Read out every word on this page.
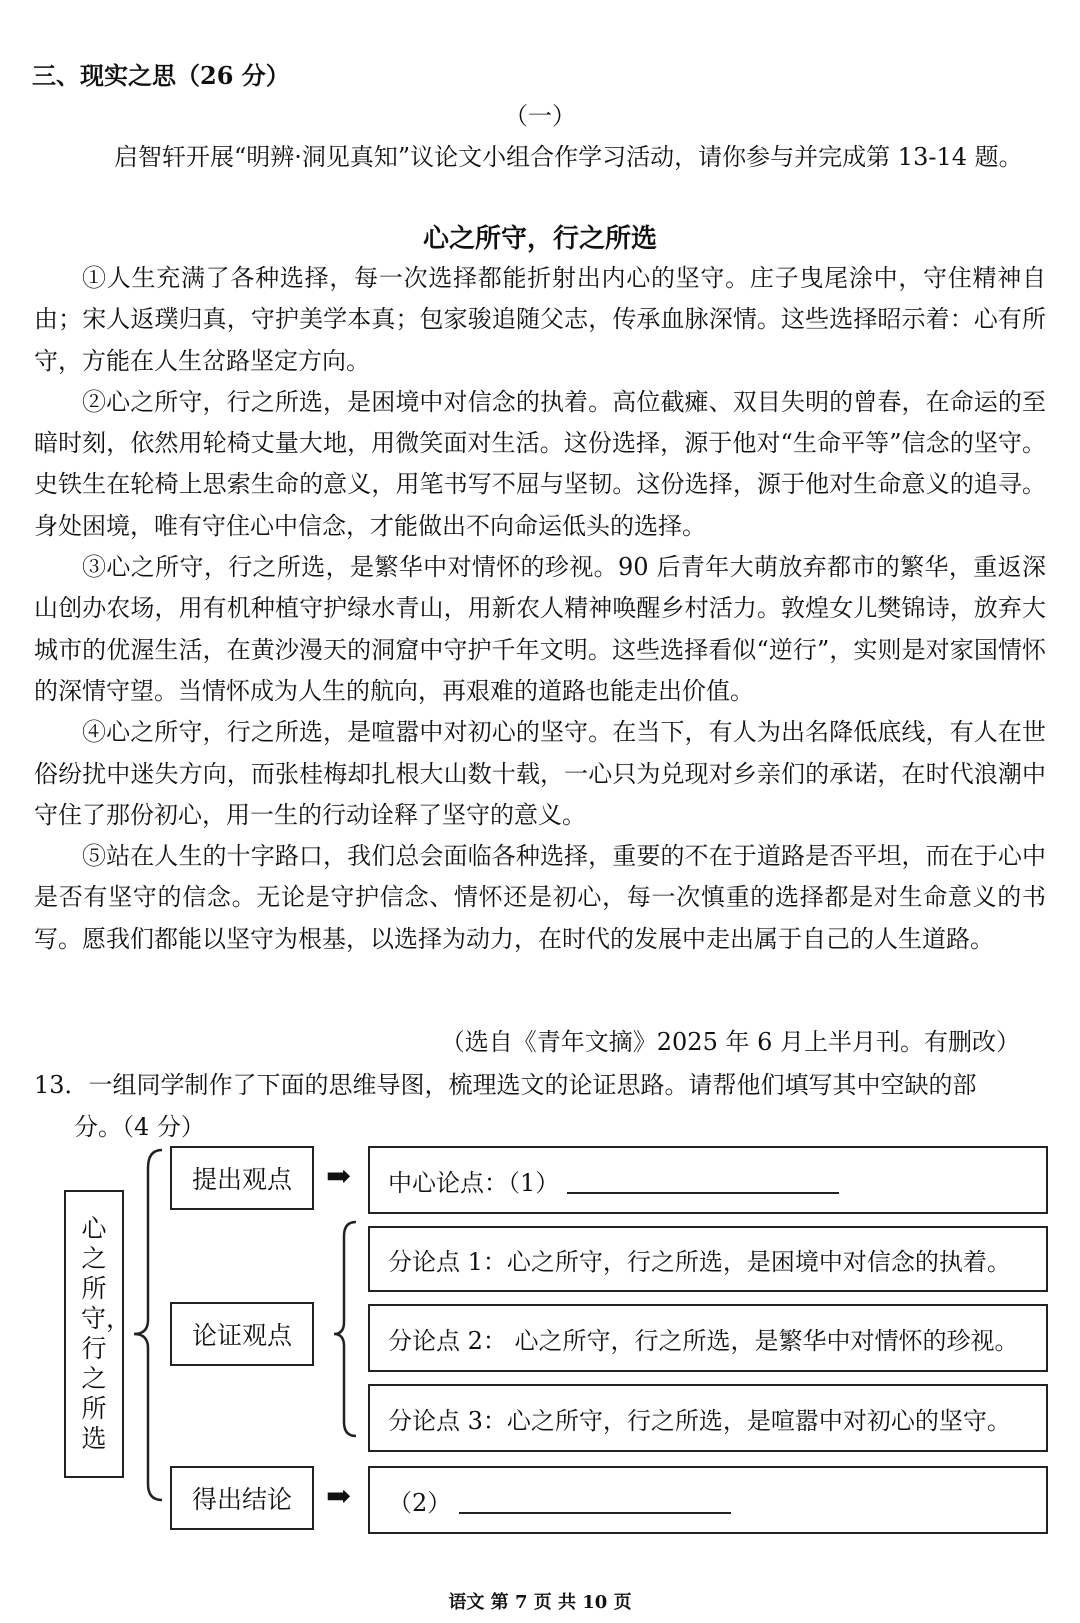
三、现实之思（26 分）
（一）
启智轩开展“明辨·洞见真知”议论文小组合作学习活动，请你参与并完成第 13-14 题。
心之所守，行之所选

①人生充满了各种选择，每一次选择都能折射出内心的坚守。庄子曳尾涂中，守住精神自由；宋人返璞归真，守护美学本真；包家骏追随父志，传承血脉深情。这些选择昭示着：心有所守，方能在人生岔路坚定方向。

②心之所守，行之所选，是困境中对信念的执着。高位截瘫、双目失明的曾春，在命运的至暗时刻，依然用轮椅丈量大地，用微笑面对生活。这份选择，源于他对“生命平等”信念的坚守。史铁生在轮椅上思索生命的意义，用笔书写不屈与坚韧。这份选择，源于他对生命意义的追寻。身处困境，唯有守住心中信念，才能做出不向命运低头的选择。

③心之所守，行之所选，是繁华中对情怀的珍视。90 后青年大萌放弃都市的繁华，重返深山创办农场，用有机种植守护绿水青山，用新农人精神唤醒乡村活力。敦煌女儿樊锦诗，放弃大城市的优渥生活，在黄沙漫天的洞窟中守护千年文明。这些选择看似“逆行”，实则是对家国情怀的深情守望。当情怀成为人生的航向，再艰难的道路也能走出价值。

④心之所守，行之所选，是喧嚣中对初心的坚守。在当下，有人为出名降低底线，有人在世俗纷扰中迷失方向，而张桂梅却扎根大山数十载，一心只为兑现对乡亲们的承诺，在时代浪潮中守住了那份初心，用一生的行动诠释了坚守的意义。

⑤站在人生的十字路口，我们总会面临各种选择，重要的不在于道路是否平坦，而在于心中是否有坚守的信念。无论是守护信念、情怀还是初心，每一次慎重的选择都是对生命意义的书写。愿我们都能以坚守为根基，以选择为动力，在时代的发展中走出属于自己的人生道路。

（选自《青年文摘》2025 年 6 月上半月刊。有删改）
13．一组同学制作了下面的思维导图，梳理选文的论证思路。请帮他们填写其中空缺的部
分。（4 分）
心之所守，行之所选
提出观点 ➡ 中心论点：（1）
论证观点
分论点 1：心之所守，行之所选，是困境中对信念的执着。
分论点 2： 心之所守，行之所选，是繁华中对情怀的珍视。
分论点 3：心之所守，行之所选，是喧嚣中对初心的坚守。
得出结论 ➡ （2）
语文 第 7 页 共 10 页
